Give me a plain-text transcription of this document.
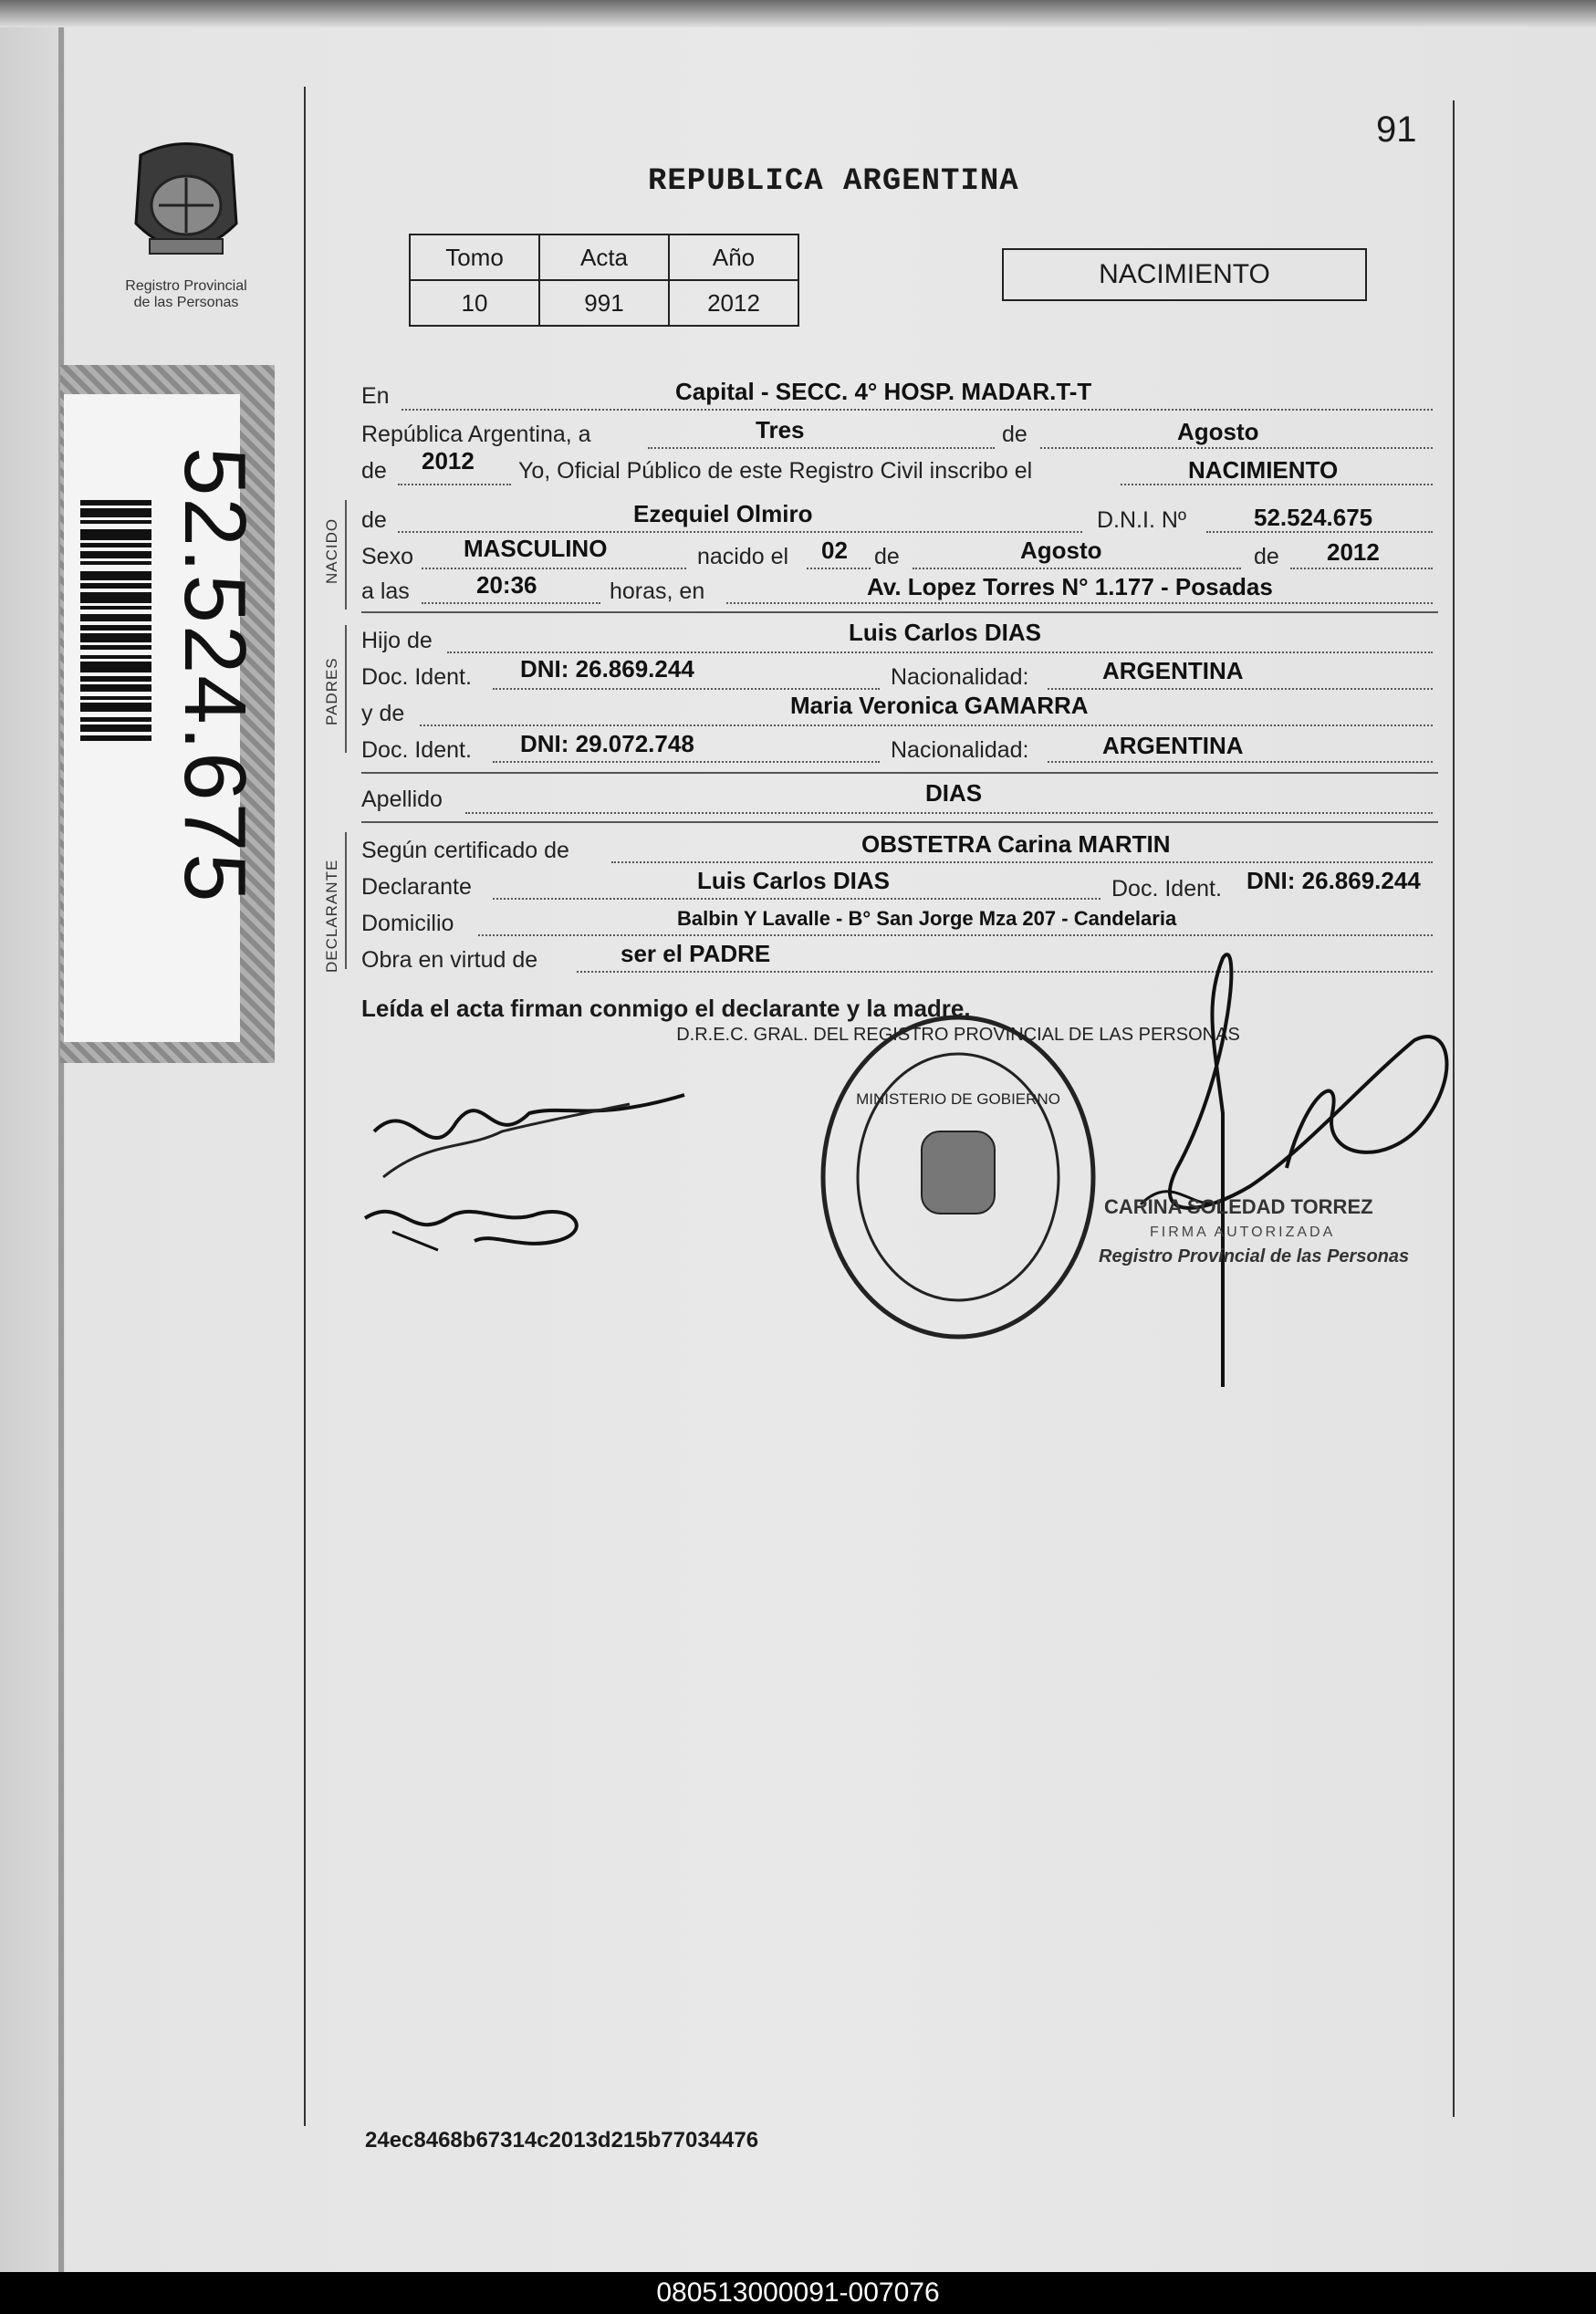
Registro Provincial
de las Personas
52.524.675
91
REPUBLICA ARGENTINA
Tomo	Acta	Año
10	991	2012
NACIMIENTO
NACIDO
PADRES
DECLARANTE
En	Capital - SECC. 4° HOSP. MADAR.T-T
República Argentina, a	Tres	de	Agosto
de 2012 Yo, Oficial Público de este Registro Civil inscribo el	NACIMIENTO
de	Ezequiel Olmiro	D.N.I. Nº	52.524.675
Sexo MASCULINO	nacido el 02 de	Agosto	de 2012
a las	20:36	horas, en	Av. Lopez Torres N° 1.177 - Posadas
Hijo de	Luis Carlos DIAS
Doc. Ident. DNI: 26.869.244	Nacionalidad:	ARGENTINA
y de	Maria Veronica GAMARRA
Doc. Ident. DNI: 29.072.748	Nacionalidad:	ARGENTINA
Apellido	DIAS
Según certificado de	OBSTETRA Carina MARTIN
Declarante	Luis Carlos DIAS	Doc. Ident. DNI: 26.869.244
Domicilio	Balbin Y Lavalle - B° San Jorge Mza 207 - Candelaria
Obra en virtud de	ser el PADRE
Leída el acta firman conmigo el declarante y la madre.
D.R.E.C. GRAL. DEL REGISTRO PROVINCIAL DE LAS PERSONAS
MINISTERIO DE GOBIERNO
CARINA SOLEDAD TORREZ
FIRMA AUTORIZADA
Registro Provincial de las Personas
24ec8468b67314c2013d215b77034476
080513000091-007076
